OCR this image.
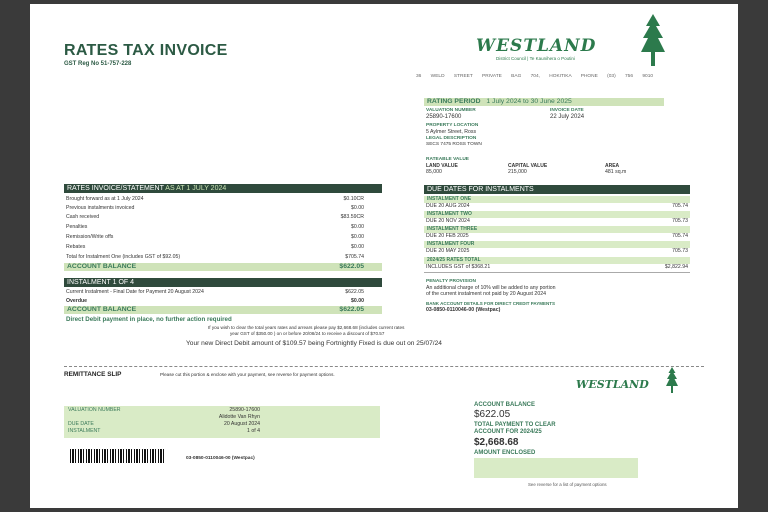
RATES TAX INVOICE
GST Reg No 51-757-228
WESTLAND
District Council | Te Kaunihera o Poutini
36 WELD STREET PRIVATE BAG 704, HOKITIKA PHONE (03) 756 9010
RATING PERIOD 1 July 2024 to 30 June 2025
VALUATION NUMBER	INVOICE DATE
25890-17600	22 July 2024
PROPERTY LOCATION
5 Aylmer Street, Ross
LEGAL DESCRIPTION
SECS 7475 ROSS TOWN
RATEABLE VALUE
LAND VALUE	CAPITAL VALUE	AREA
85,000	215,000	481 sq.m
RATES INVOICE/STATEMENT AS AT 1 JULY 2024
Brought forward as at 1 July 2024	$0.10CR
Previous instalments invoiced	$0.00
Cash received	$83.59CR
Penalties	$0.00
Remission/Write offs	$0.00
Rebates	$0.00
Total for Instalment One (includes GST of $92.05)	$705.74
ACCOUNT BALANCE	$622.05
INSTALMENT 1 OF 4
Current Instalment - Final Date for Payment 20 August 2024	$622.05
Overdue	$0.00
ACCOUNT BALANCE	$622.05
Direct Debit payment in place, no further action required
DUE DATES FOR INSTALMENTS
INSTALMENT ONE
DUE 20 AUG 2024	705.74
INSTALMENT TWO
DUE 20 NOV 2024	705.73
INSTALMENT THREE
DUE 20 FEB 2025	705.74
INSTALMENT FOUR
DUE 20 MAY 2025	705.73
2024/25 RATES TOTAL
INCLUDES GST of $368.21	$2,822.94
PENALTY PROVISION
An additional charge of 10% will be added to any portion
of the current instalment not paid by 20 August 2024
BANK ACCOUNT DETAILS FOR DIRECT CREDIT PAYMENTS
03-0850-0110046-00 (Westpac)
If you wish to clear the total years rates and arrears please pay $2,668.68 (includes current rates
year GST of $350.00 ) on or before 20/08/24 to receive a discount of $70.57
Your new Direct Debit amount of $109.57 being Fortnightly Fixed is due out on 25/07/24
REMITTANCE SLIP	Please cut this portion & enclose with your payment, see reverse for payment options.
WESTLAND
VALUATION NUMBER	25890-17600
Alidotte Van Rhyn
DUE DATE	20 August 2024
INSTALMENT	1 of 4
ACCOUNT BALANCE
$622.05
TOTAL PAYMENT TO CLEAR
ACCOUNT FOR 2024/25
$2,668.68
AMOUNT ENCLOSED
03-0850-0110046-00 (Westpac)
See reverse for a list of payment options
